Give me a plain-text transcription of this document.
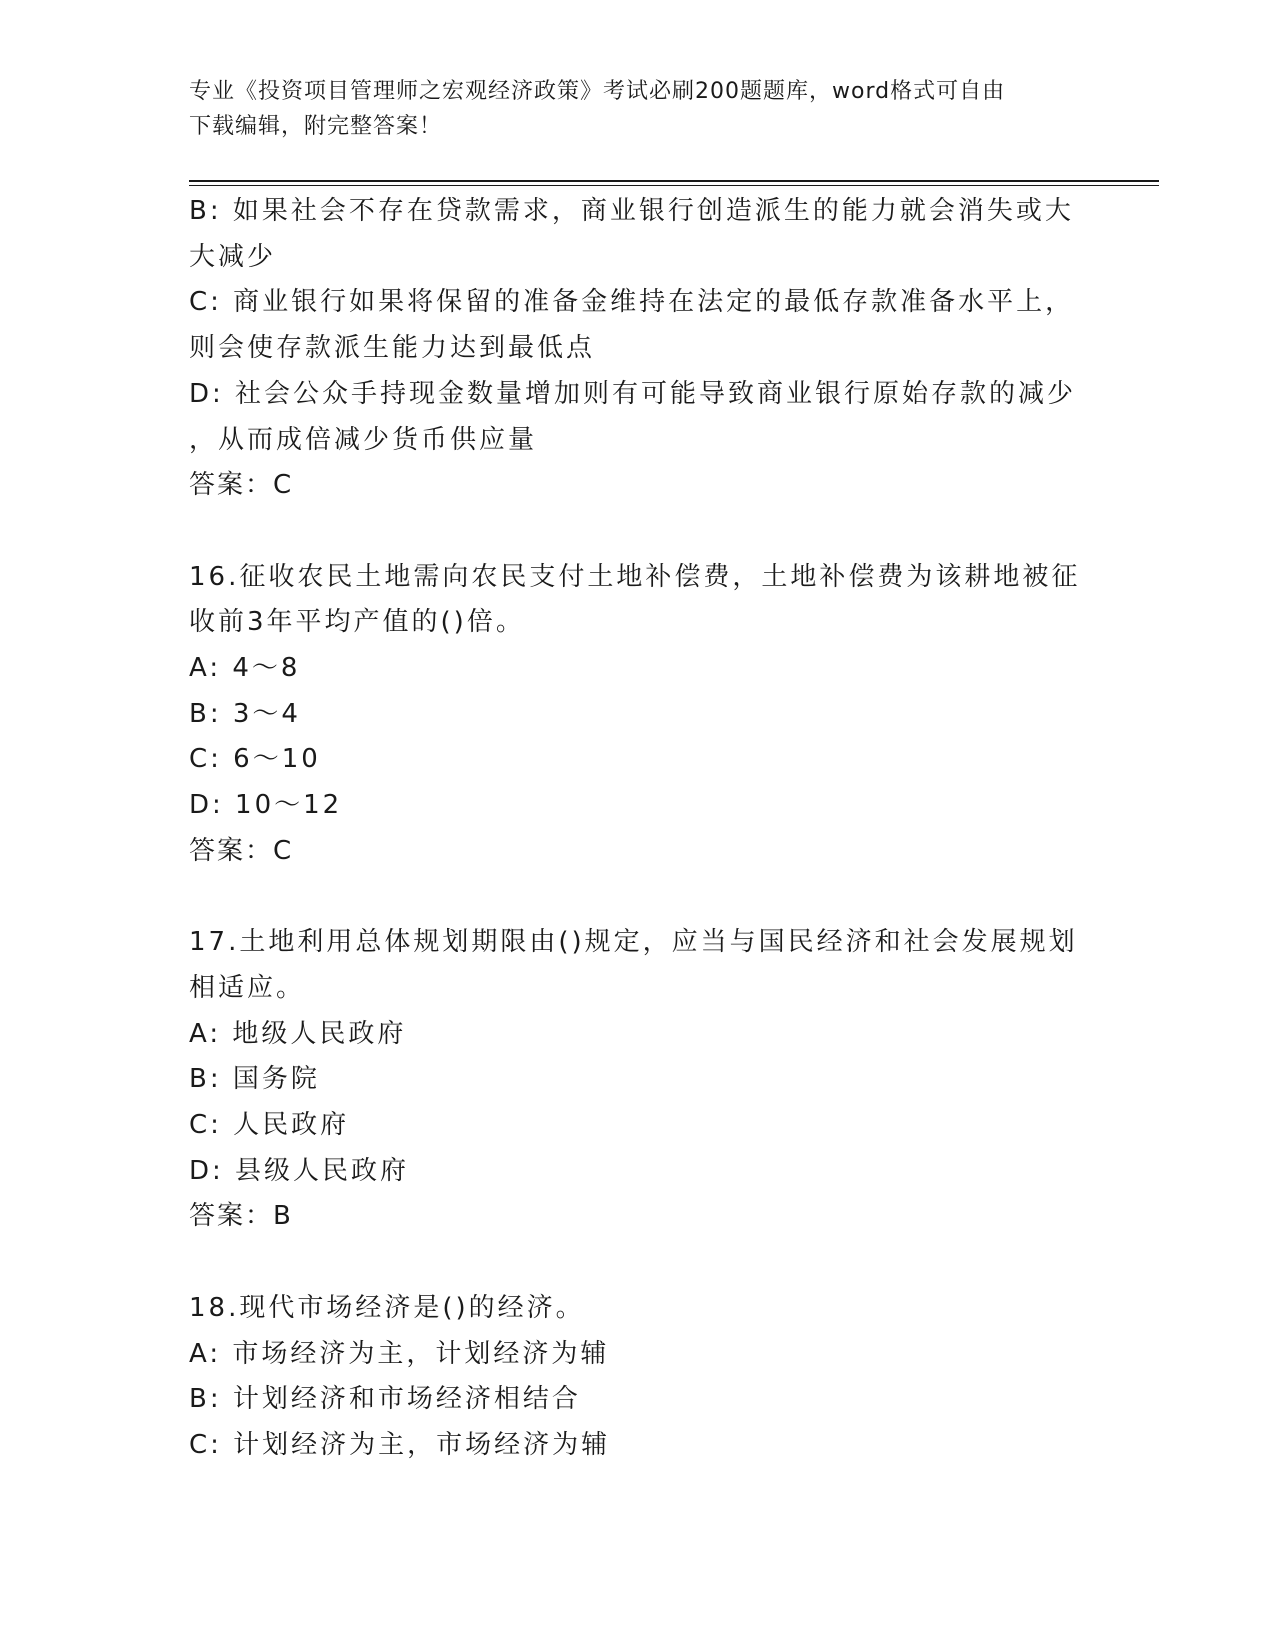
专业《投资项目管理师之宏观经济政策》考试必刷200题题库，word格式可自由
下载编辑，附完整答案！
B: 如果社会不存在贷款需求，商业银行创造派生的能力就会消失或大
大减少
C: 商业银行如果将保留的准备金维持在法定的最低存款准备水平上，
则会使存款派生能力达到最低点
D: 社会公众手持现金数量增加则有可能导致商业银行原始存款的减少
，从而成倍减少货币供应量
答案：C
16.征收农民土地需向农民支付土地补偿费，土地补偿费为该耕地被征
收前3年平均产值的()倍。
A: 4～8
B: 3～4
C: 6～10
D: 10～12
答案：C
17.土地利用总体规划期限由()规定，应当与国民经济和社会发展规划
相适应。
A: 地级人民政府
B: 国务院
C: 人民政府
D: 县级人民政府
答案：B
18.现代市场经济是()的经济。
A: 市场经济为主，计划经济为辅
B: 计划经济和市场经济相结合
C: 计划经济为主，市场经济为辅
